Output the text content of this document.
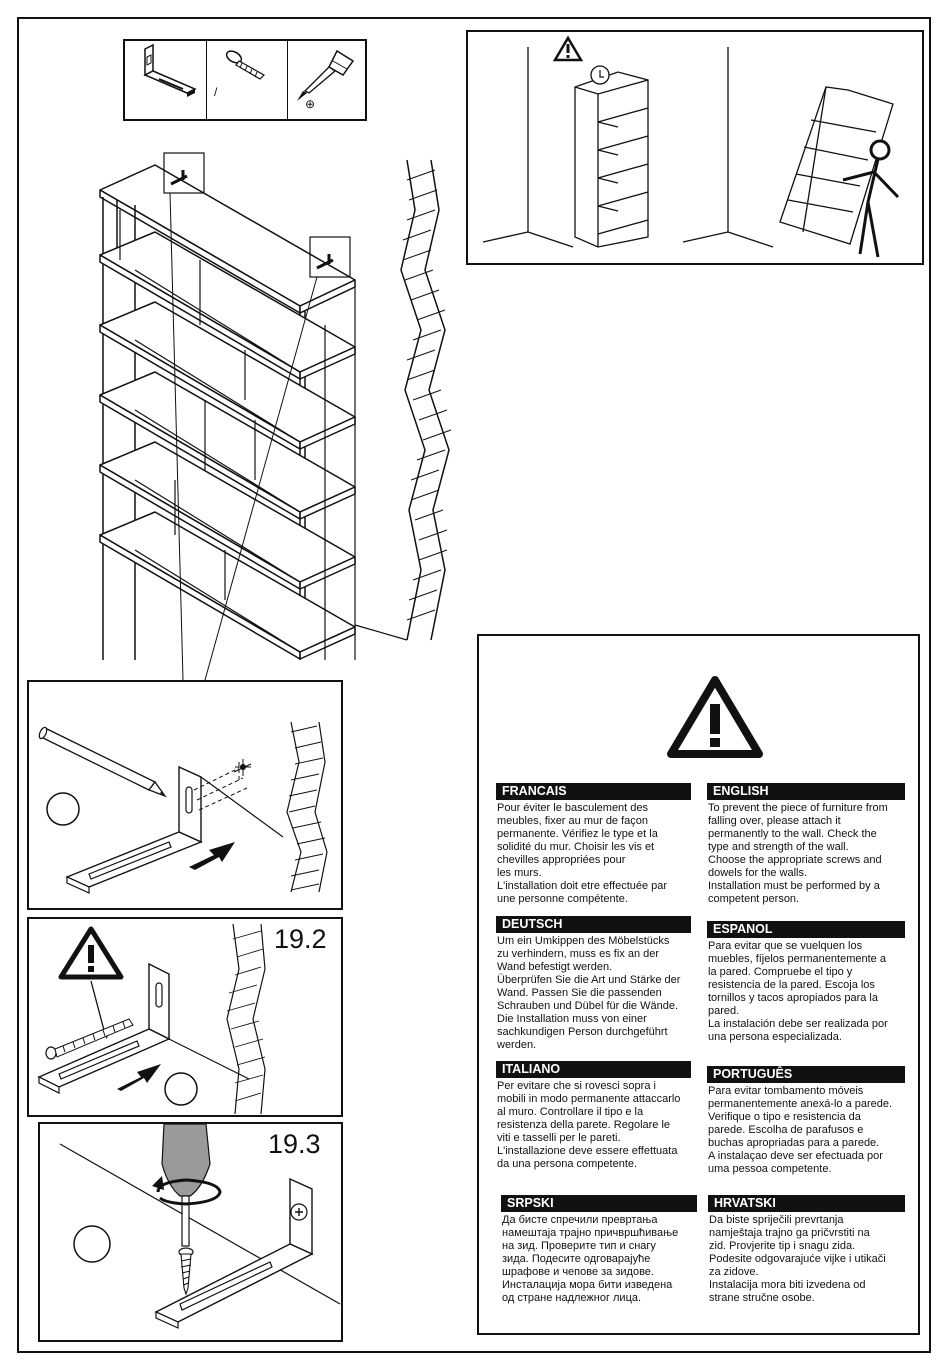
/
⊕
19.2
19.3
FRANCAIS
Pour éviter le basculement des
meubles, fixer au mur de façon
permanente. Vérifiez le type et la
solidité du mur. Choisir les vis et
chevilles appropriées pour
les murs.
L'installation doit etre effectuée par
une personne compétente.
ENGLISH
To prevent the piece of furniture from
falling over, please attach it
permanently to the wall. Check the
type and strength of the wall.
Choose the appropriate screws and
dowels for the walls.
Installation must be performed by a
competent person.
DEUTSCH
Um ein Umkippen des Möbelstücks
zu verhindern, muss es fix an der
Wand befestigt werden.
Überprüfen Sie die Art und Stärke der
Wand. Passen Sie die passenden
Schrauben und Dübel für die Wände.
Die Installation muss von einer
sachkundigen Person durchgeführt
werden.
ESPANOL
Para evitar que se vuelquen los
muebles, fíjelos permanentemente a
la pared. Compruebe el tipo y
resistencia de la pared. Escoja los
tornillos y tacos apropiados para la
pared.
La instalación debe ser realizada por
una persona especializada.
ITALIANO
Per evitare che si rovesci sopra i
mobili in modo permanente attaccarlo
al muro. Controllare il tipo e la
resistenza della parete. Regolare le
viti e tasselli per le pareti.
L'installazione deve essere effettuata
da una persona competente.
PORTUGUÊS
Para evitar tombamento móveis
permanentemente anexá-lo a parede.
Verifique o tipo e resistencia da
parede. Escolha de parafusos e
buchas apropriadas para a parede.
A instalaçao deve ser efectuada por
uma pessoa competente.
SRPSKI
Да бисте спречили превртања
намештаја трајно причвршћивање
на зид. Проверите тип и снагу
зида. Подесите одговарајуће
шрафове и чепове за зидове.
Инсталација мора бити изведена
од стране надлежног лица.
HRVATSKI
Da biste spriječili prevrtanja
namještaja trajno ga pričvrstiti na
zid. Provjerite tip i snagu zida.
Podesite odgovarajuće vijke i utikači
za zidove.
Instalacija mora biti izvedena od
strane stručne osobe.
